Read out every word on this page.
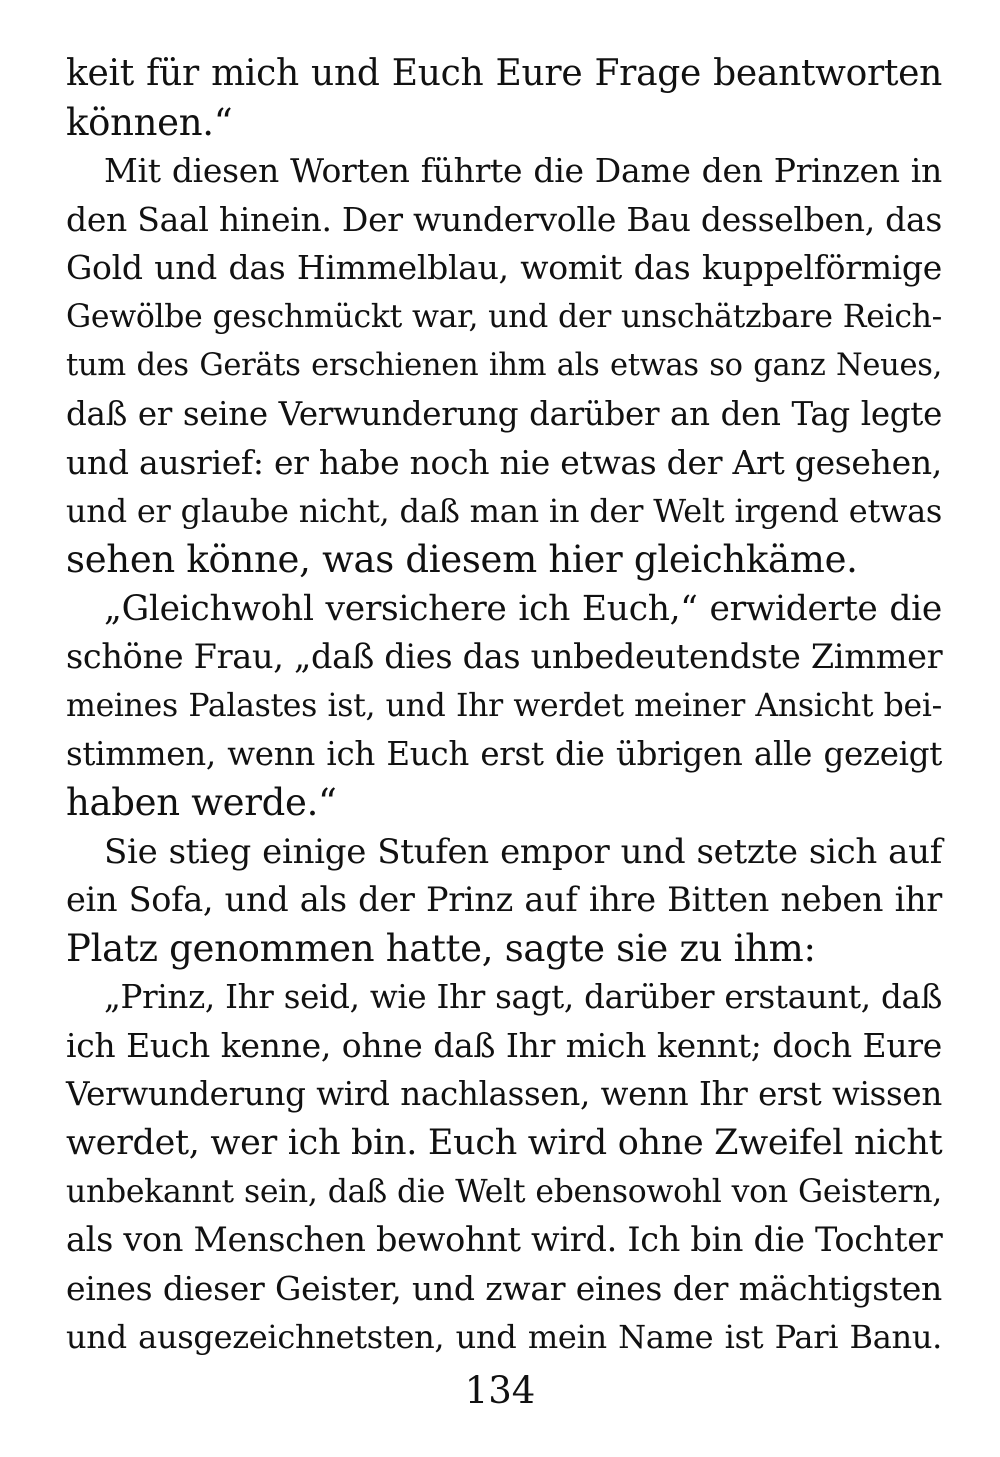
keit für mich und Euch Eure Frage beantworten
können.“
Mit diesen Worten führte die Dame den Prinzen in
den Saal hinein. Der wundervolle Bau desselben, das
Gold und das Himmelblau, womit das kuppelförmige
Gewölbe geschmückt war, und der unschätzbare Reich-
tum des Geräts erschienen ihm als etwas so ganz Neues,
daß er seine Verwunderung darüber an den Tag legte
und ausrief: er habe noch nie etwas der Art gesehen,
und er glaube nicht, daß man in der Welt irgend etwas
sehen könne, was diesem hier gleichkäme.
„Gleichwohl versichere ich Euch,“ erwiderte die
schöne Frau, „daß dies das unbedeutendste Zimmer
meines Palastes ist, und Ihr werdet meiner Ansicht bei-
stimmen, wenn ich Euch erst die übrigen alle gezeigt
haben werde.“
Sie stieg einige Stufen empor und setzte sich auf
ein Sofa, und als der Prinz auf ihre Bitten neben ihr
Platz genommen hatte, sagte sie zu ihm:
„Prinz, Ihr seid, wie Ihr sagt, darüber erstaunt, daß
ich Euch kenne, ohne daß Ihr mich kennt; doch Eure
Verwunderung wird nachlassen, wenn Ihr erst wissen
werdet, wer ich bin. Euch wird ohne Zweifel nicht
unbekannt sein, daß die Welt ebensowohl von Geistern,
als von Menschen bewohnt wird. Ich bin die Tochter
eines dieser Geister, und zwar eines der mächtigsten
und ausgezeichnetsten, und mein Name ist Pari Banu.
134
